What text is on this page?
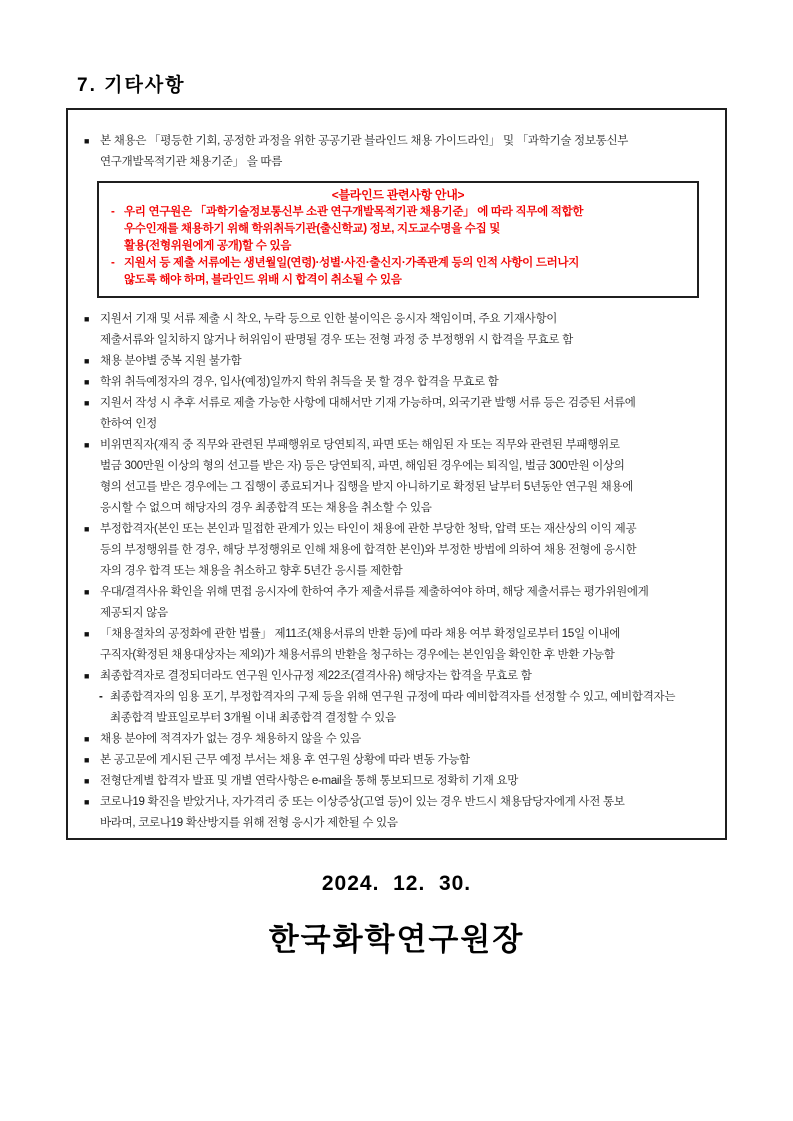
7. 기타사항
■ 본 채용은 「평등한 기회, 공정한 과정을 위한 공공기관 블라인드 채용 가이드라인」 및 「과학기술 정보통신부
연구개발목적기관 채용기준」 을 따름
<블라인드 관련사항 안내>
- 우리 연구원은 「과학기술정보통신부 소관 연구개발목적기관 채용기준」 에 따라 직무에 적합한
우수인재를 채용하기 위해 학위취득기관(출신학교) 정보, 지도교수명을 수집 및
활용(전형위원에게 공개)할 수 있음
- 지원서 등 제출 서류에는 생년월일(연령)·성별·사진·출신지·가족관계 등의 인적 사항이 드러나지
않도록 해야 하며, 블라인드 위배 시 합격이 취소될 수 있음
■ 지원서 기재 및 서류 제출 시 착오, 누락 등으로 인한 불이익은 응시자 책임이며, 주요 기재사항이
제출서류와 일치하지 않거나 허위임이 판명될 경우 또는 전형 과정 중 부정행위 시 합격을 무효로 함
■ 채용 분야별 중복 지원 불가함
■ 학위 취득예정자의 경우, 입사(예정)일까지 학위 취득을 못 할 경우 합격을 무효로 함
■ 지원서 작성 시 추후 서류로 제출 가능한 사항에 대해서만 기재 가능하며, 외국기관 발행 서류 등은 검증된 서류에
한하여 인정
■ 비위면직자(재직 중 직무와 관련된 부패행위로 당연퇴직, 파면 또는 해임된 자 또는 직무와 관련된 부패행위로
벌금 300만원 이상의 형의 선고를 받은 자) 등은 당연퇴직, 파면, 해임된 경우에는 퇴직일, 벌금 300만원 이상의
형의 선고를 받은 경우에는 그 집행이 종료되거나 집행을 받지 아니하기로 확정된 날부터 5년동안 연구원 채용에
응시할 수 없으며 해당자의 경우 최종합격 또는 채용을 취소할 수 있음
■ 부정합격자(본인 또는 본인과 밀접한 관계가 있는 타인이 채용에 관한 부당한 청탁, 압력 또는 재산상의 이익 제공
등의 부정행위를 한 경우, 해당 부정행위로 인해 채용에 합격한 본인)와 부정한 방법에 의하여 채용 전형에 응시한
자의 경우 합격 또는 채용을 취소하고 향후 5년간 응시를 제한함
■ 우대/결격사유 확인을 위해 면접 응시자에 한하여 추가 제출서류를 제출하여야 하며, 해당 제출서류는 평가위원에게
제공되지 않음
■ 「채용절차의 공정화에 관한 법률」 제11조(채용서류의 반환 등)에 따라 채용 여부 확정일로부터 15일 이내에
구직자(확정된 채용대상자는 제외)가 채용서류의 반환을 청구하는 경우에는 본인임을 확인한 후 반환 가능함
■ 최종합격자로 결정되더라도 연구원 인사규정 제22조(결격사유) 해당자는 합격을 무효로 함
- 최종합격자의 임용 포기, 부정합격자의 구제 등을 위해 연구원 규정에 따라 예비합격자를 선정할 수 있고, 예비합격자는
최종합격 발표일로부터 3개월 이내 최종합격 결정할 수 있음
■ 채용 분야에 적격자가 없는 경우 채용하지 않을 수 있음
■ 본 공고문에 게시된 근무 예정 부서는 채용 후 연구원 상황에 따라 변동 가능함
■ 전형단계별 합격자 발표 및 개별 연락사항은 e-mail을 통해 통보되므로 정확히 기재 요망
■ 코로나19 확진을 받았거나, 자가격리 중 또는 이상증상(고열 등)이 있는 경우 반드시 채용담당자에게 사전 통보
바라며, 코로나19 확산방지를 위해 전형 응시가 제한될 수 있음
2024.  12.  30.
한국화학연구원장
